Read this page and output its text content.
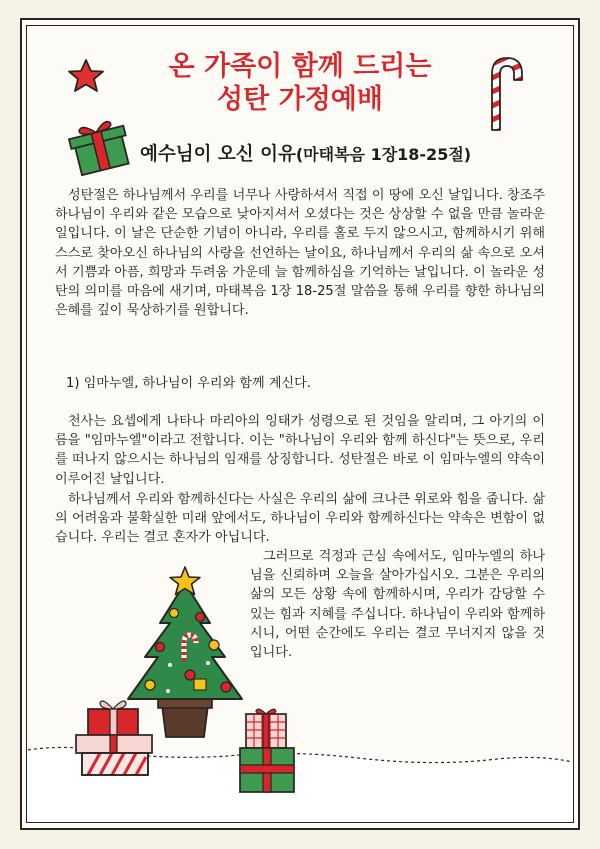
온 가족이 함께 드리는
성탄 가정예배
예수님이 오신 이유(마태복음 1장18-25절)
성탄절은 하나님께서 우리를 너무나 사랑하셔서 직접 이 땅에 오신 날입니다. 창조주 하나님이 우리와 같은 모습으로 낮아지셔서 오셨다는 것은 상상할 수 없을 만큼 놀라운 일입니다. 이 날은 단순한 기념이 아니라, 우리를 홀로 두지 않으시고, 함께하시기 위해 스스로 찾아오신 하나님의 사랑을 선언하는 날이요, 하나님께서 우리의 삶 속으로 오셔서 기쁨과 아픔, 희망과 두려움 가운데 늘 함께하심을 기억하는 날입니다. 이 놀라운 성탄의 의미를 마음에 새기며, 마태복음 1장 18-25절 말씀을 통해 우리를 향한 하나님의 은혜를 깊이 묵상하기를 원합니다.
1) 임마누엘, 하나님이 우리와 함께 계신다.
천사는 요셉에게 나타나 마리아의 잉태가 성령으로 된 것임을 알리며, 그 아기의 이름을 "임마누엘"이라고 전합니다. 이는 "하나님이 우리와 함께 하신다"는 뜻으로, 우리를 떠나지 않으시는 하나님의 임재를 상징합니다. 성탄절은 바로 이 임마누엘의 약속이 이루어진 날입니다.
하나님께서 우리와 함께하신다는 사실은 우리의 삶에 크나큰 위로와 힘을 줍니다. 삶의 어려움과 불확실한 미래 앞에서도, 하나님이 우리와 함께하신다는 약속은 변함이 없습니다. 우리는 결코 혼자가 아닙니다.
그러므로 걱정과 근심 속에서도, 임마누엘의 하나님을 신뢰하며 오늘을 살아가십시오. 그분은 우리의 삶의 모든 상황 속에 함께하시며, 우리가 감당할 수 있는 힘과 지혜를 주십니다. 하나님이 우리와 함께하시니, 어떤 순간에도 우리는 결코 무너지지 않을 것입니다.
